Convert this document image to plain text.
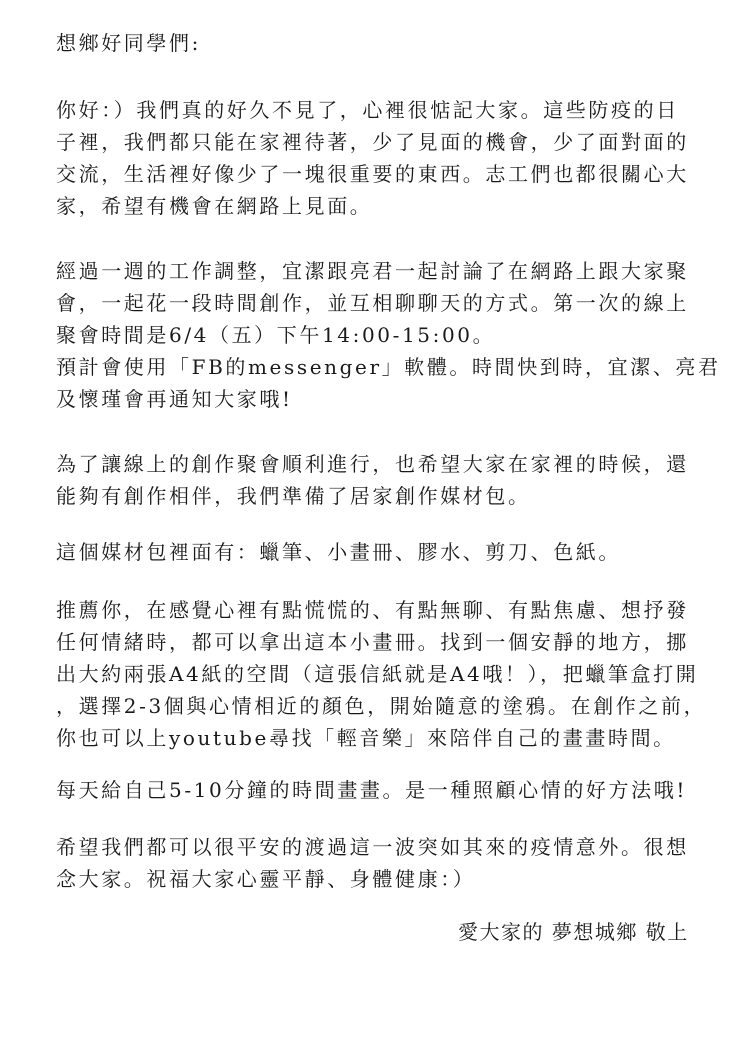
想鄉好同學們:
你好：）我們真的好久不見了，心裡很惦記大家。這些防疫的日
子裡，我們都只能在家裡待著，少了見面的機會，少了面對面的
交流，生活裡好像少了一塊很重要的東西。志工們也都很關心大
家，希望有機會在網路上見面。
經過一週的工作調整，宜潔跟亮君一起討論了在網路上跟大家聚
會，一起花一段時間創作，並互相聊聊天的方式。第一次的線上
聚會時間是6/4（五）下午14:00-15:00。
預計會使用「FB的messenger」軟體。時間快到時，宜潔、亮君
及懷瑾會再通知大家哦!
為了讓線上的創作聚會順利進行，也希望大家在家裡的時候，還
能夠有創作相伴，我們準備了居家創作媒材包。
這個媒材包裡面有：蠟筆、小畫冊、膠水、剪刀、色紙。
推薦你，在感覺心裡有點慌慌的、有點無聊、有點焦慮、想抒發
任何情緒時，都可以拿出這本小畫冊。找到一個安靜的地方，挪
出大約兩張A4紙的空間（這張信紙就是A4哦！），把蠟筆盒打開
，選擇2-3個與心情相近的顏色，開始隨意的塗鴉。在創作之前，
你也可以上youtube尋找「輕音樂」來陪伴自己的畫畫時間。
每天給自己5-10分鐘的時間畫畫。是一種照顧心情的好方法哦!
希望我們都可以很平安的渡過這一波突如其來的疫情意外。很想
念大家。祝福大家心靈平靜、身體健康：）
愛大家的 夢想城鄉 敬上
